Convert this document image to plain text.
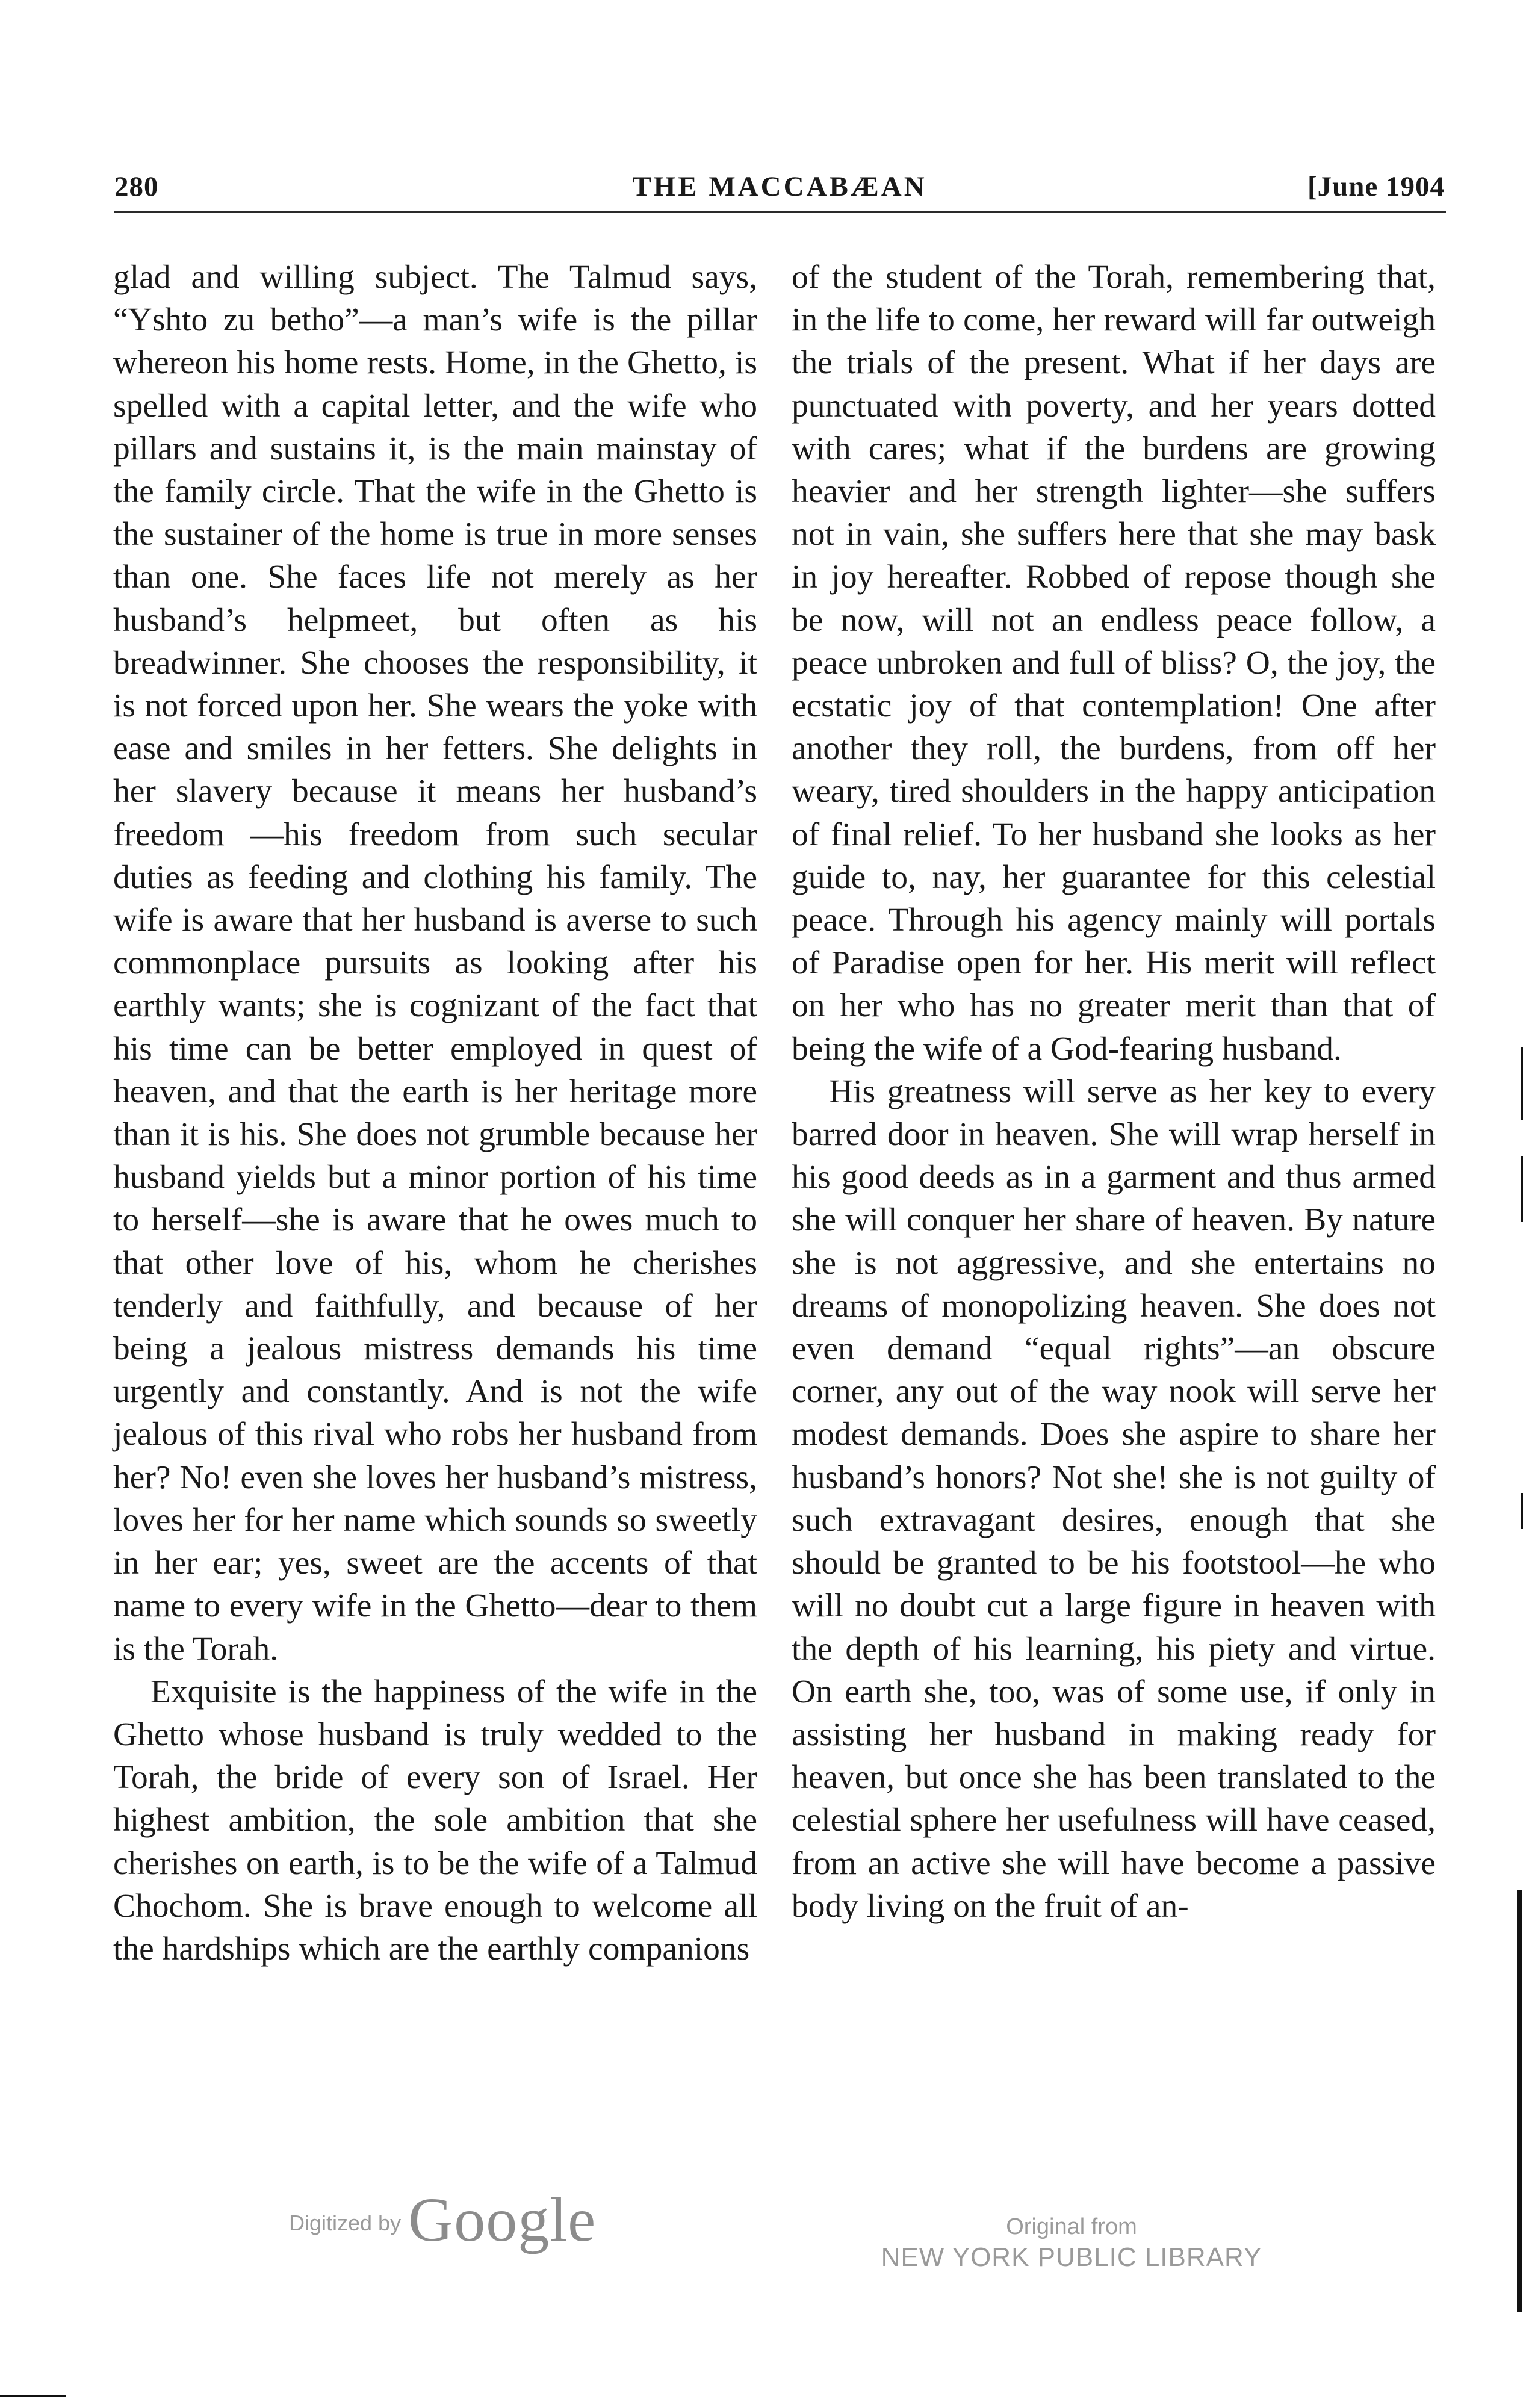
280	THE MACCABÆAN	[June 1904

glad and willing subject. The Talmud says, “Yshto zu betho”—a man’s wife is the pillar whereon his home rests. Home, in the Ghetto, is spelled with a capital letter, and the wife who pillars and sustains it, is the main mainstay of the family circle. That the wife in the Ghetto is the sustainer of the home is true in more senses than one. She faces life not merely as her husband’s helpmeet, but often as his breadwinner. She chooses the responsibility, it is not forced upon her. She wears the yoke with ease and smiles in her fetters. She delights in her slavery because it means her husband’s freedom —his freedom from such secular duties as feeding and clothing his family. The wife is aware that her husband is averse to such commonplace pursuits as looking after his earthly wants; she is cognizant of the fact that his time can be better employed in quest of heaven, and that the earth is her heritage more than it is his. She does not grumble because her husband yields but a minor portion of his time to herself—she is aware that he owes much to that other love of his, whom he cherishes tenderly and faithfully, and because of her being a jealous mistress demands his time urgently and constantly. And is not the wife jealous of this rival who robs her husband from her? No! even she loves her husband’s mistress, loves her for her name which sounds so sweetly in her ear; yes, sweet are the accents of that name to every wife in the Ghetto—dear to them is the Torah.

Exquisite is the happiness of the wife in the Ghetto whose husband is truly wedded to the Torah, the bride of every son of Israel. Her highest ambition, the sole ambition that she cherishes on earth, is to be the wife of a Talmud Chochom. She is brave enough to welcome all the hardships which are the earthly companions

of the student of the Torah, remembering that, in the life to come, her reward will far outweigh the trials of the present. What if her days are punctuated with poverty, and her years dotted with cares; what if the burdens are growing heavier and her strength lighter—she suffers not in vain, she suffers here that she may bask in joy hereafter. Robbed of repose though she be now, will not an endless peace follow, a peace unbroken and full of bliss? O, the joy, the ecstatic joy of that contemplation! One after another they roll, the burdens, from off her weary, tired shoulders in the happy anticipation of final relief. To her husband she looks as her guide to, nay, her guarantee for this celestial peace. Through his agency mainly will portals of Paradise open for her. His merit will reflect on her who has no greater merit than that of being the wife of a God-fearing husband.

His greatness will serve as her key to every barred door in heaven. She will wrap herself in his good deeds as in a garment and thus armed she will conquer her share of heaven. By nature she is not aggressive, and she entertains no dreams of monopolizing heaven. She does not even demand “equal rights”—an obscure corner, any out of the way nook will serve her modest demands. Does she aspire to share her husband’s honors? Not she! she is not guilty of such extravagant desires, enough that she should be granted to be his footstool—he who will no doubt cut a large figure in heaven with the depth of his learning, his piety and virtue. On earth she, too, was of some use, if only in assisting her husband in making ready for heaven, but once she has been translated to the celestial sphere her usefulness will have ceased, from an active she will have become a passive body living on the fruit of an-

Digitized by Google	Original from
NEW YORK PUBLIC LIBRARY
